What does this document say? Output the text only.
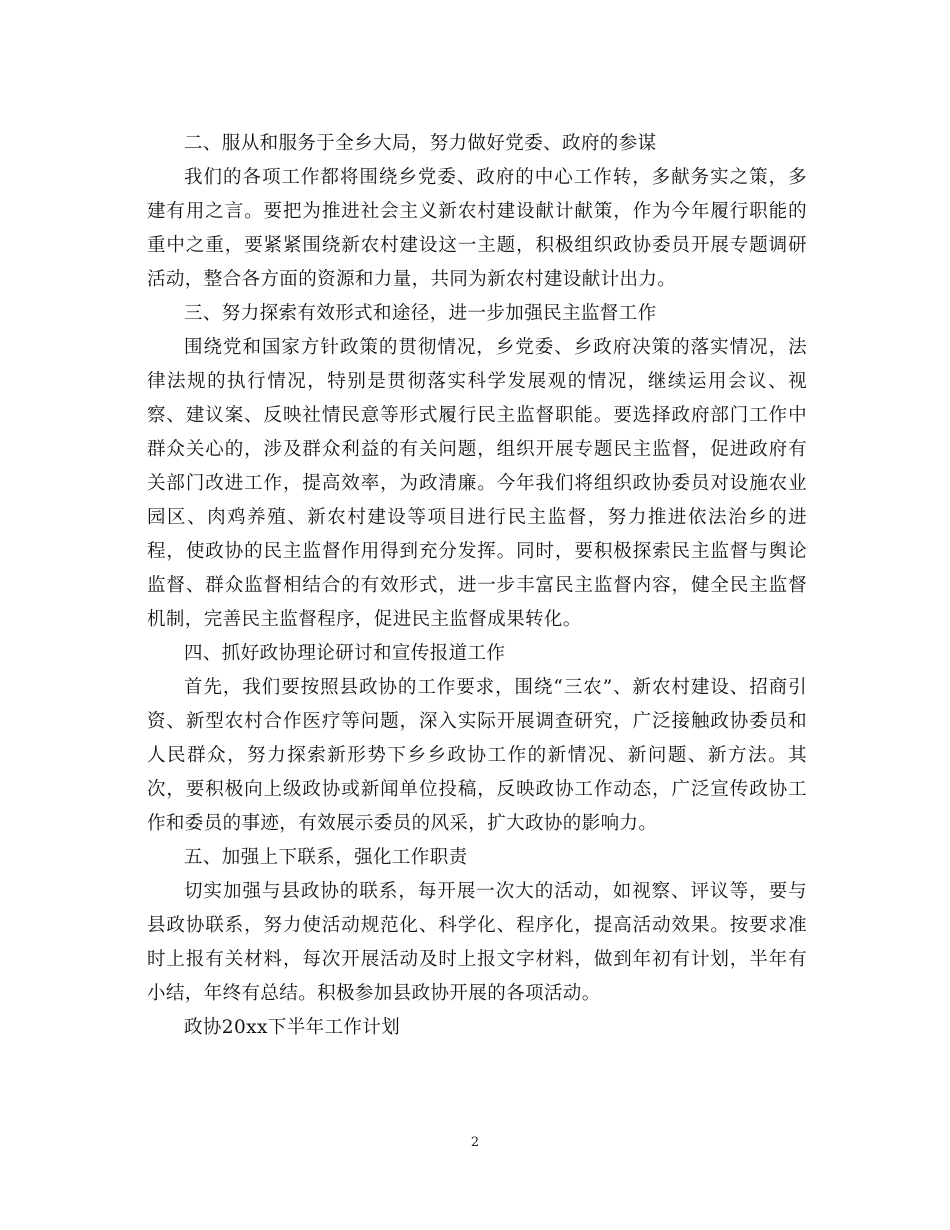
二、服从和服务于全乡大局，努力做好党委、政府的参谋

我们的各项工作都将围绕乡党委、政府的中心工作转，多献务实之策，多建有用之言。要把为推进社会主义新农村建设献计献策，作为今年履行职能的重中之重，要紧紧围绕新农村建设这一主题，积极组织政协委员开展专题调研活动，整合各方面的资源和力量，共同为新农村建设献计出力。

三、努力探索有效形式和途径，进一步加强民主监督工作

围绕党和国家方针政策的贯彻情况，乡党委、乡政府决策的落实情况，法律法规的执行情况，特别是贯彻落实科学发展观的情况，继续运用会议、视察、建议案、反映社情民意等形式履行民主监督职能。要选择政府部门工作中群众关心的，涉及群众利益的有关问题，组织开展专题民主监督，促进政府有关部门改进工作，提高效率，为政清廉。今年我们将组织政协委员对设施农业园区、肉鸡养殖、新农村建设等项目进行民主监督，努力推进依法治乡的进程，使政协的民主监督作用得到充分发挥。同时，要积极探索民主监督与舆论监督、群众监督相结合的有效形式，进一步丰富民主监督内容，健全民主监督机制，完善民主监督程序，促进民主监督成果转化。

四、抓好政协理论研讨和宣传报道工作

首先，我们要按照县政协的工作要求，围绕“三农”、新农村建设、招商引资、新型农村合作医疗等问题，深入实际开展调查研究，广泛接触政协委员和人民群众，努力探索新形势下乡乡政协工作的新情况、新问题、新方法。其次，要积极向上级政协或新闻单位投稿，反映政协工作动态，广泛宣传政协工作和委员的事迹，有效展示委员的风采，扩大政协的影响力。

五、加强上下联系，强化工作职责

切实加强与县政协的联系，每开展一次大的活动，如视察、评议等，要与县政协联系，努力使活动规范化、科学化、程序化，提高活动效果。按要求准时上报有关材料，每次开展活动及时上报文字材料，做到年初有计划，半年有小结，年终有总结。积极参加县政协开展的各项活动。

政协20xx下半年工作计划

2
